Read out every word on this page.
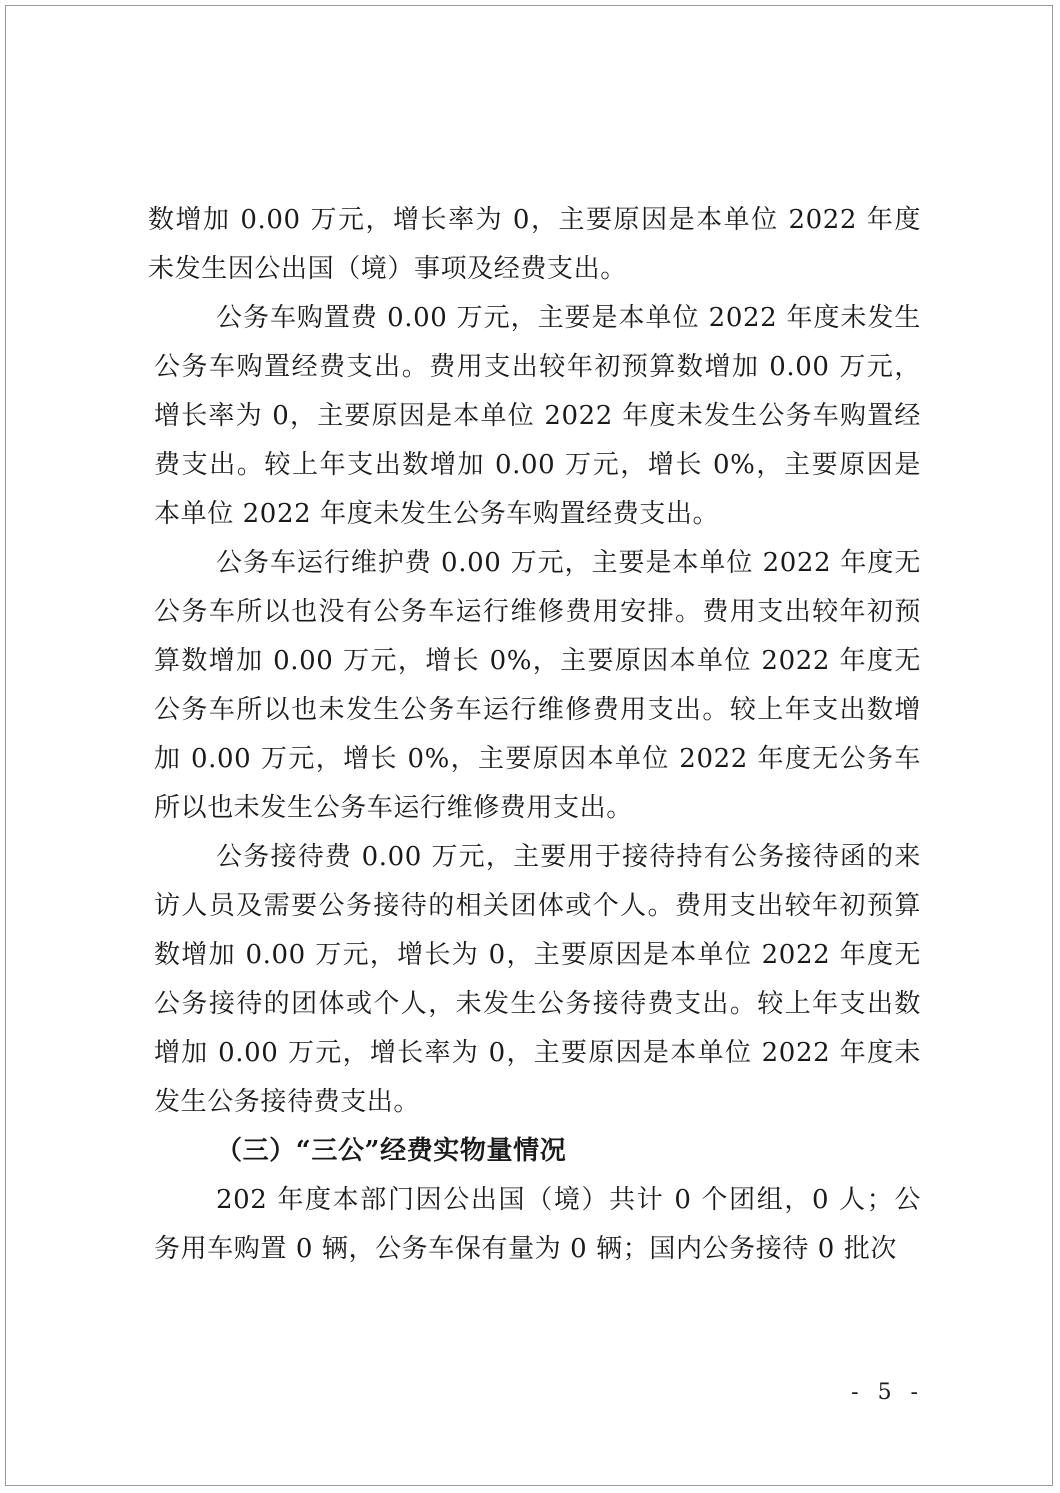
数增加 0.00 万元，增长率为 0，主要原因是本单位 2022 年度未发生因公出国（境）事项及经费支出。

公务车购置费 0.00 万元，主要是本单位 2022 年度未发生公务车购置经费支出。费用支出较年初预算数增加 0.00 万元，增长率为 0，主要原因是本单位 2022 年度未发生公务车购置经费支出。较上年支出数增加 0.00 万元，增长 0%，主要原因是本单位 2022 年度未发生公务车购置经费支出。

公务车运行维护费 0.00 万元，主要是本单位 2022 年度无公务车所以也没有公务车运行维修费用安排。费用支出较年初预算数增加 0.00 万元，增长 0%，主要原因本单位 2022 年度无公务车所以也未发生公务车运行维修费用支出。较上年支出数增加 0.00 万元，增长 0%，主要原因本单位 2022 年度无公务车所以也未发生公务车运行维修费用支出。

公务接待费 0.00 万元，主要用于接待持有公务接待函的来访人员及需要公务接待的相关团体或个人。费用支出较年初预算数增加 0.00 万元，增长为 0，主要原因是本单位 2022 年度无公务接待的团体或个人，未发生公务接待费支出。较上年支出数增加 0.00 万元，增长率为 0，主要原因是本单位 2022 年度未发生公务接待费支出。

（三）“三公”经费实物量情况

202 年度本部门因公出国（境）共计 0 个团组，0 人；公务用车购置 0 辆，公务车保有量为 0 辆；国内公务接待 0 批次

- 5 -
